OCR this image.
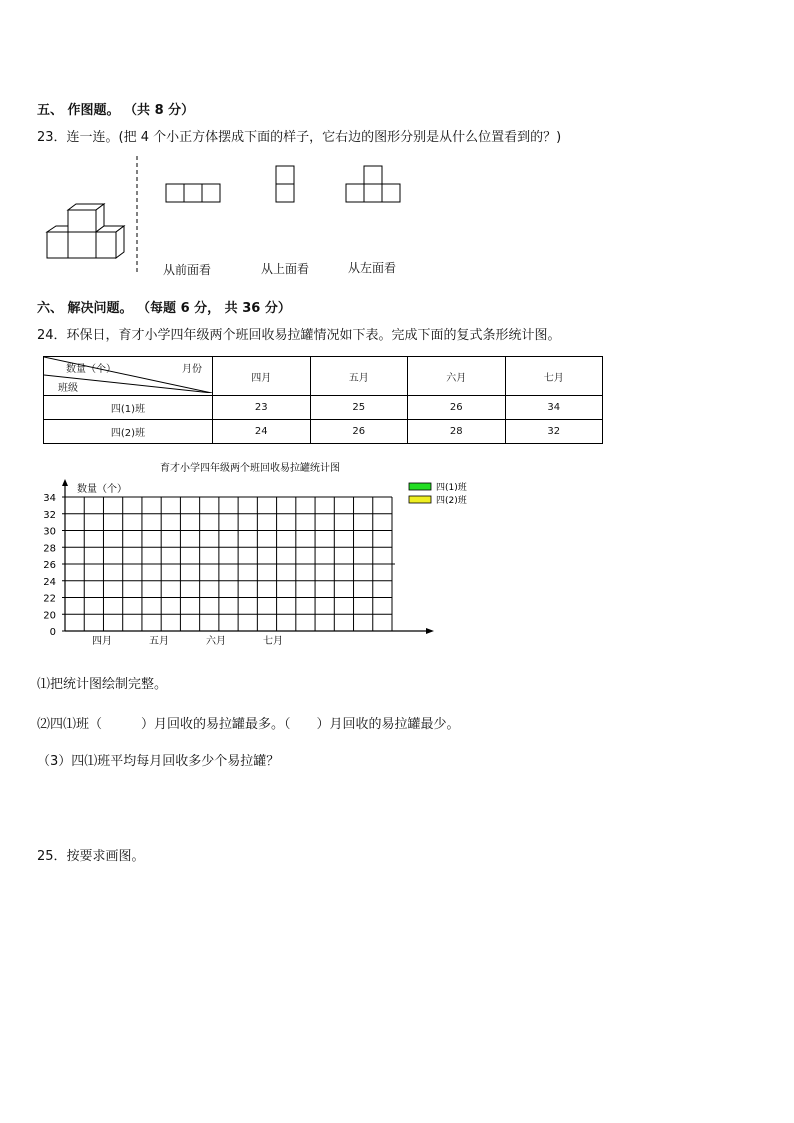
五、 作图题。 （共 8 分）
23．连一连。(把 4 个小正方体摆成下面的样子，它右边的图形分别是从什么位置看到的？)
从前面看	从上面看	从左面看
六、 解决问题。 （每题 6 分， 共 36 分）
24．环保日，育才小学四年级两个班回收易拉罐情况如下表。完成下面的复式条形统计图。
数量（个） 月份
班级	四月	五月	六月	七月
四(1)班	23	25	26	34
四(2)班	24	26	28	32
育才小学四年级两个班回收易拉罐统计图
数量（个）
34
32
30
28
26
24
22
20
0
四月	五月	六月	七月
四(1)班
四(2)班
⑴把统计图绘制完整。
⑵四⑴班（　　　）月回收的易拉罐最多。（　　）月回收的易拉罐最少。
（3）四⑴班平均每月回收多少个易拉罐？
25．按要求画图。
